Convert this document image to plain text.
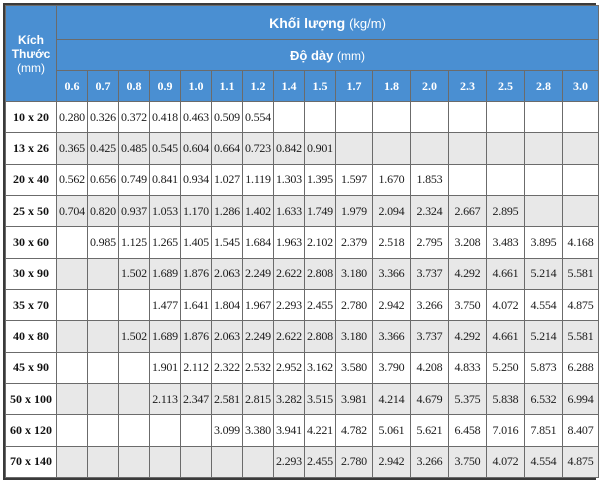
Kích
Thước
(mm)	Khối lượng (kg/m)															
	Độ dày (mm)															
	0.6	0.7	0.8	0.9	1.0	1.1	1.2	1.4	1.5	1.7	1.8	2.0	2.3	2.5	2.8	3.0
10 x 20	0.280	0.326	0.372	0.418	0.463	0.509	0.554									
13 x 26	0.365	0.425	0.485	0.545	0.604	0.664	0.723	0.842	0.901							
20 x 40	0.562	0.656	0.749	0.841	0.934	1.027	1.119	1.303	1.395	1.597	1.670	1.853				
25 x 50	0.704	0.820	0.937	1.053	1.170	1.286	1.402	1.633	1.749	1.979	2.094	2.324	2.667	2.895		
30 x 60		0.985	1.125	1.265	1.405	1.545	1.684	1.963	2.102	2.379	2.518	2.795	3.208	3.483	3.895	4.168
30 x 90			1.502	1.689	1.876	2.063	2.249	2.622	2.808	3.180	3.366	3.737	4.292	4.661	5.214	5.581
35 x 70				1.477	1.641	1.804	1.967	2.293	2.455	2.780	2.942	3.266	3.750	4.072	4.554	4.875
40 x 80			1.502	1.689	1.876	2.063	2.249	2.622	2.808	3.180	3.366	3.737	4.292	4.661	5.214	5.581
45 x 90				1.901	2.112	2.322	2.532	2.952	3.162	3.580	3.790	4.208	4.833	5.250	5.873	6.288
50 x 100				2.113	2.347	2.581	2.815	3.282	3.515	3.981	4.214	4.679	5.375	5.838	6.532	6.994
60 x 120						3.099	3.380	3.941	4.221	4.782	5.061	5.621	6.458	7.016	7.851	8.407
70 x 140								2.293	2.455	2.780	2.942	3.266	3.750	4.072	4.554	4.875
